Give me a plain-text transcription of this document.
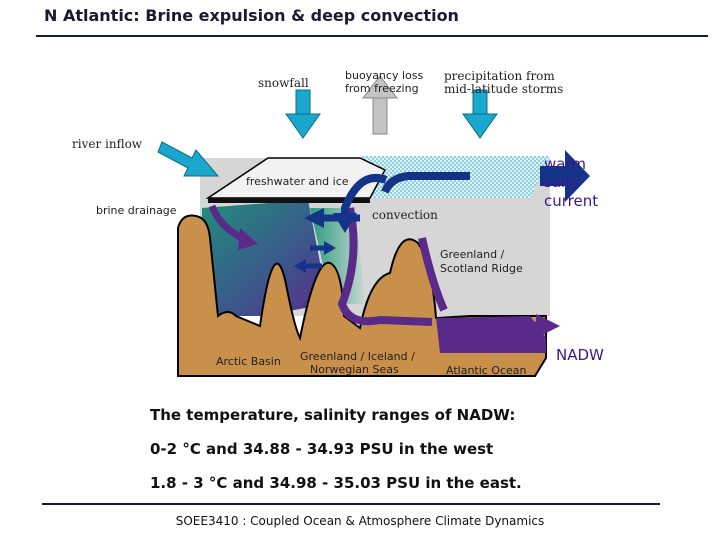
N Atlantic: Brine expulsion & deep convection
snowfall
buoyancy loss
from freezing
precipitation from
mid-latitude storms
river inflow
freshwater and ice
brine drainage	convection
warm
salty
current
Greenland /
Scotland Ridge
NADW
Arctic Basin Greenland / Iceland /
Norwegian Seas	Atlantic Ocean
The temperature, salinity ranges of NADW:
0-2 °C and 34.88 - 34.93 PSU in the west
1.8 - 3 °C and 34.98 - 35.03 PSU in the east.
SOEE3410 : Coupled Ocean & Atmosphere Climate Dynamics
